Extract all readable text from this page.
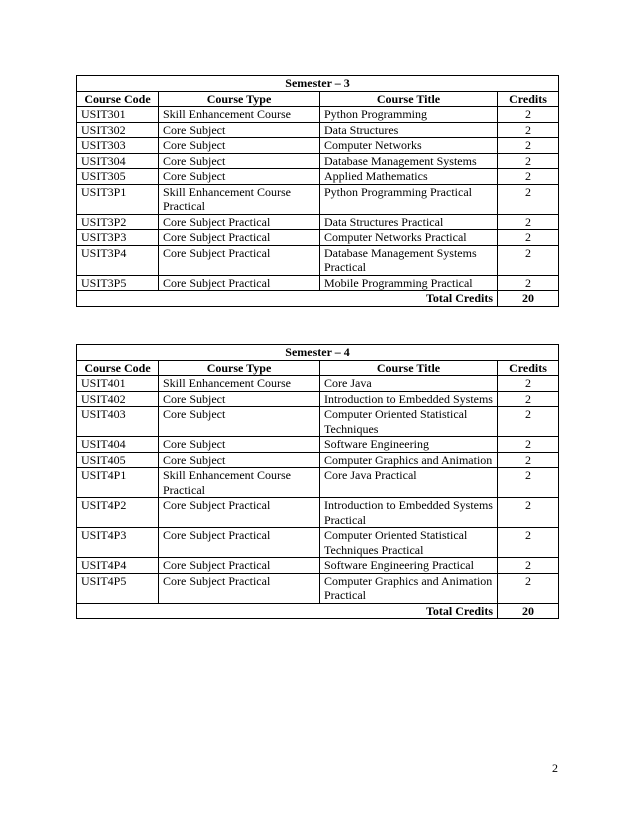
Semester – 3			
Course Code	Course Type	Course Title	Credits
USIT301	Skill Enhancement Course	Python Programming	2
USIT302	Core Subject	Data Structures	2
USIT303	Core Subject	Computer Networks	2
USIT304	Core Subject	Database Management Systems	2
USIT305	Core Subject	Applied Mathematics	2
USIT3P1	Skill Enhancement Course Practical	Python Programming Practical	2
USIT3P2	Core Subject Practical	Data Structures Practical	2
USIT3P3	Core Subject Practical	Computer Networks Practical	2
USIT3P4	Core Subject Practical	Database Management Systems Practical	2
USIT3P5	Core Subject Practical	Mobile Programming Practical	2
Total Credits			20
Semester – 4			
Course Code	Course Type	Course Title	Credits
USIT401	Skill Enhancement Course	Core Java	2
USIT402	Core Subject	Introduction to Embedded Systems	2
USIT403	Core Subject	Computer Oriented Statistical Techniques	2
USIT404	Core Subject	Software Engineering	2
USIT405	Core Subject	Computer Graphics and Animation	2
USIT4P1	Skill Enhancement Course Practical	Core Java Practical	2
USIT4P2	Core Subject Practical	Introduction to Embedded Systems Practical	2
USIT4P3	Core Subject Practical	Computer Oriented Statistical Techniques Practical	2
USIT4P4	Core Subject Practical	Software Engineering Practical	2
USIT4P5	Core Subject Practical	Computer Graphics and Animation Practical	2
Total Credits			20
2
